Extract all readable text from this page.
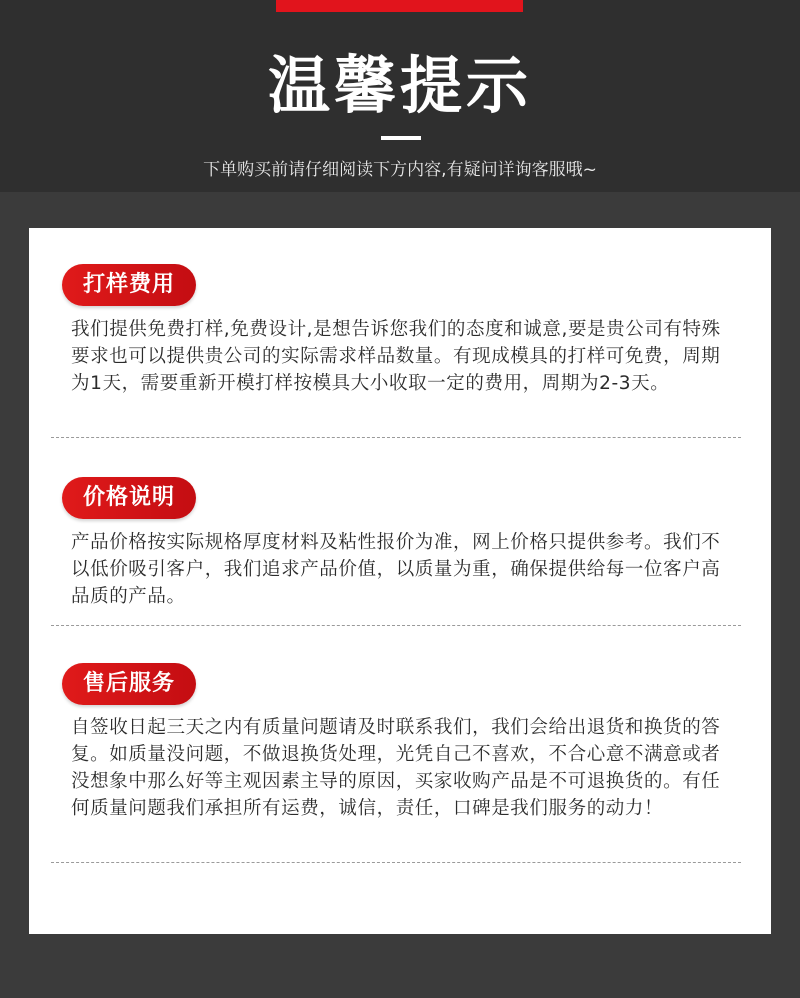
温馨提示
下单购买前请仔细阅读下方内容,有疑问详询客服哦~
打样费用

我们提供免费打样,免费设计,是想告诉您我们的态度和诚意,要是贵公司有特殊要求也可以提供贵公司的实际需求样品数量。有现成模具的打样可免费，周期为1天，需要重新开模打样按模具大小收取一定的费用，周期为2-3天。

价格说明

产品价格按实际规格厚度材料及粘性报价为准，网上价格只提供参考。我们不以低价吸引客户，我们追求产品价值，以质量为重，确保提供给每一位客户高品质的产品。

售后服务

自签收日起三天之内有质量问题请及时联系我们，我们会给出退货和换货的答复。如质量没问题，不做退换货处理，光凭自己不喜欢，不合心意不满意或者没想象中那么好等主观因素主导的原因，买家收购产品是不可退换货的。有任何质量问题我们承担所有运费，诚信，责任，口碑是我们服务的动力！
